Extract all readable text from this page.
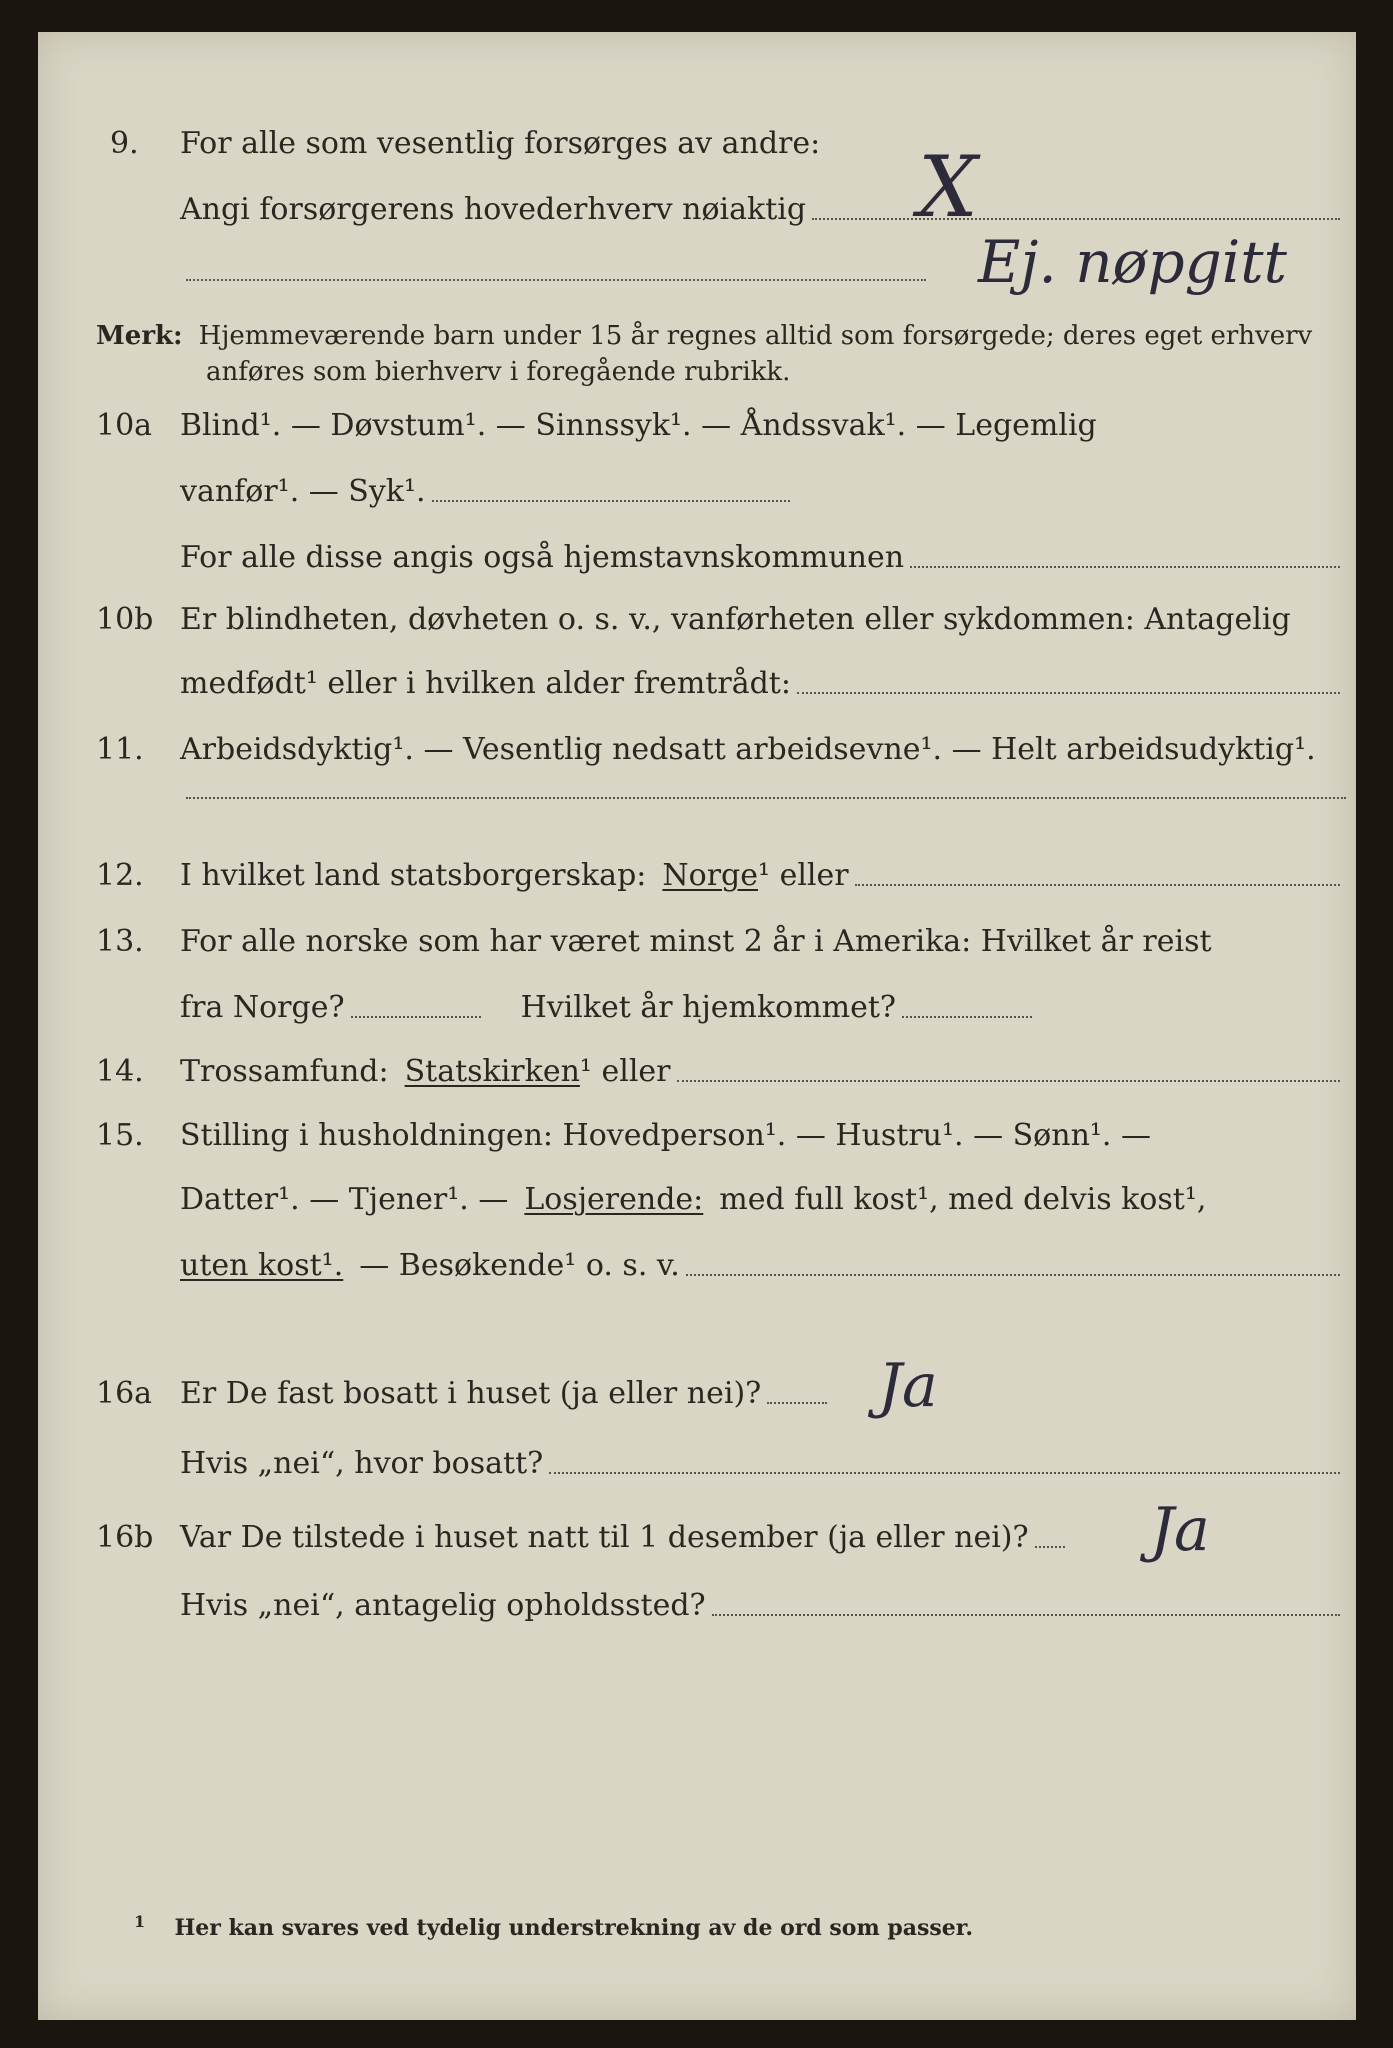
9. For alle som vesentlig forsørges av andre:
Angi forsørgerens hovederhverv nøiaktig X
Ej. nøpgitt
Merk: Hjemmeværende barn under 15 år regnes alltid som forsørgede; deres eget erhverv
anføres som bierhverv i foregående rubrikk.
10a Blind¹. — Døvstum¹. — Sinnssyk¹. — Åndssvak¹. — Legemlig
vanfør¹. — Syk¹.
For alle disse angis også hjemstavnskommunen
10b Er blindheten, døvheten o. s. v., vanførheten eller sykdommen: Antagelig
medfødt¹ eller i hvilken alder fremtrådt:
11. Arbeidsdyktig¹. — Vesentlig nedsatt arbeidsevne¹. — Helt arbeidsudyktig¹.
12. I hvilket land statsborgerskap: Norge ¹ eller
13. For alle norske som har været minst 2 år i Amerika: Hvilket år reist
fra Norge?	Hvilket år hjemkommet?
14. Trossamfund: Statskirken ¹ eller
15. Stilling i husholdningen: Hovedperson¹. — Hustru¹. — Sønn¹. —
Datter¹. — Tjener¹. — Losjerende: med full kost¹, med delvis kost¹,
uten kost¹. — Besøkende¹ o. s. v.
16a Er De fast bosatt i huset (ja eller nei)? Ja
Hvis „nei“, hvor bosatt?
16b Var De tilstede i huset natt til 1 desember (ja eller nei)? Ja
Hvis „nei“, antagelig opholdssted?
$^1$ Her kan svares ved tydelig understrekning av de ord som passer.
